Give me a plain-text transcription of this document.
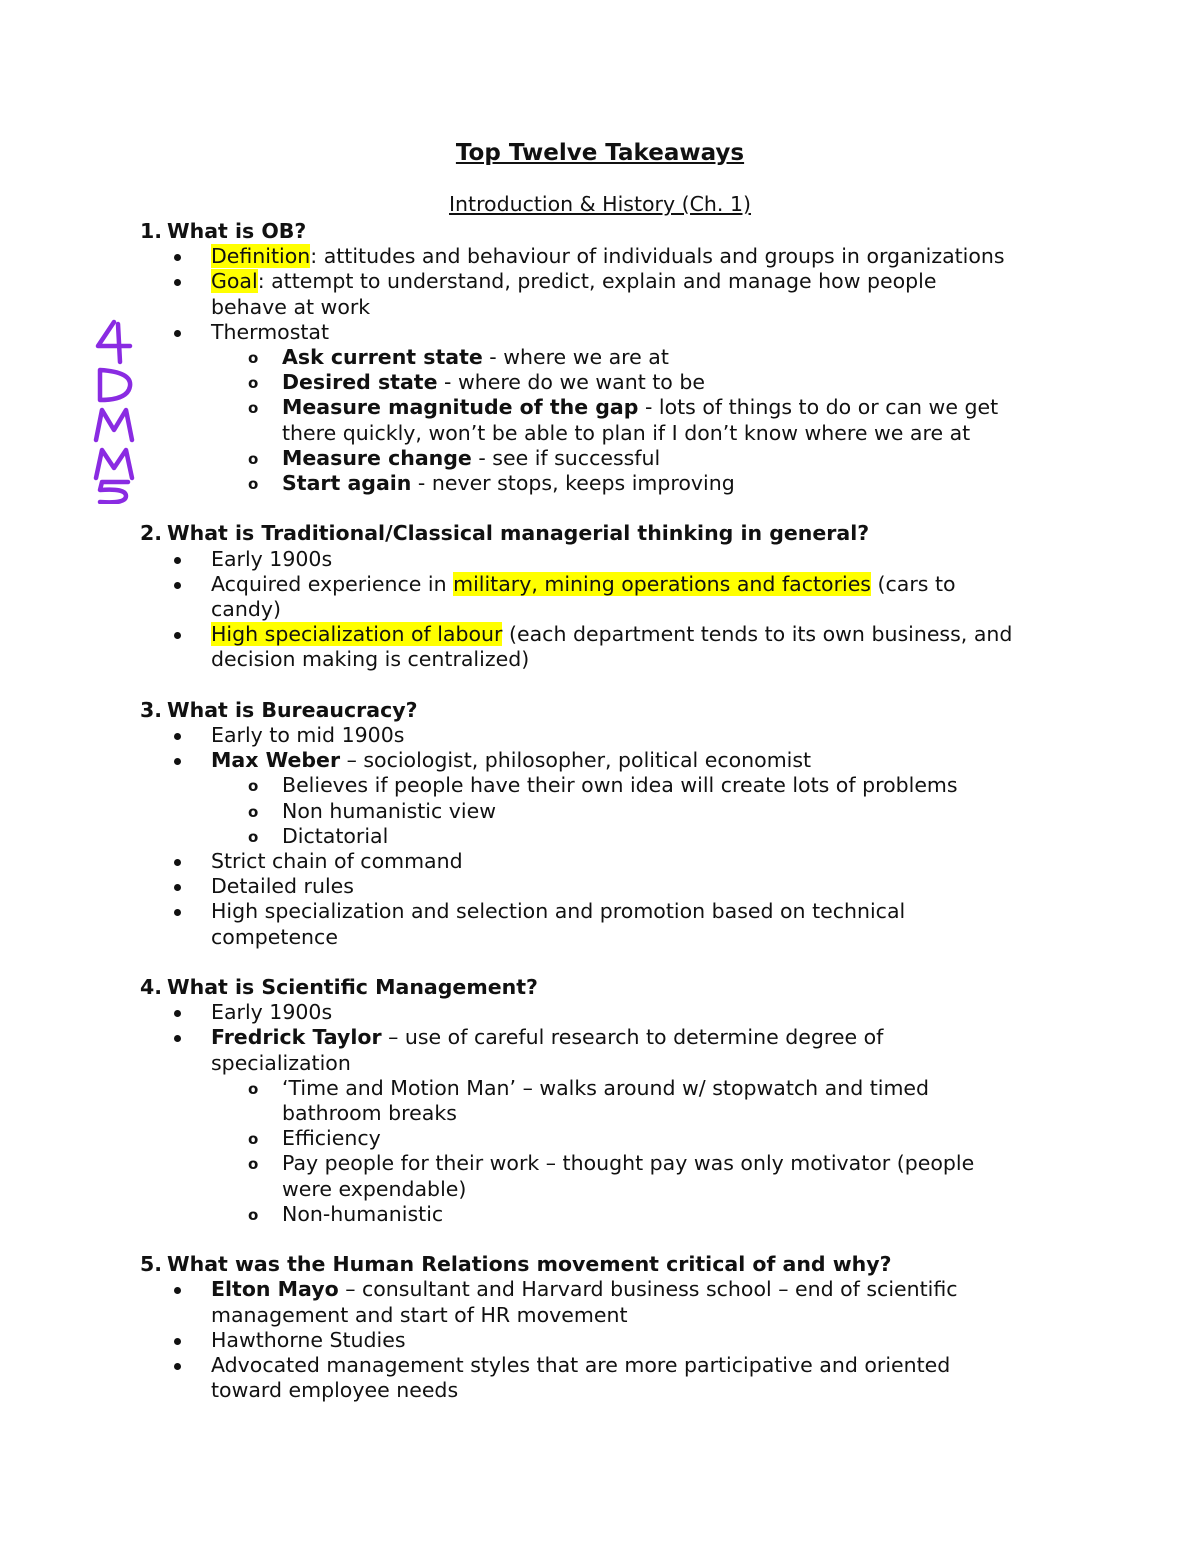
Top Twelve Takeaways
Introduction & History (Ch. 1)
1. What is OB?
Definition: attitudes and behaviour of individuals and groups in organizations
Goal: attempt to understand, predict, explain and manage how people
behave at work
Thermostat
o Ask current state - where we are at
o Desired state - where do we want to be
o Measure magnitude of the gap - lots of things to do or can we get
there quickly, won’t be able to plan if I don’t know where we are at
o Measure change - see if successful
o Start again - never stops, keeps improving
2. What is Traditional/Classical managerial thinking in general?
Early 1900s
Acquired experience in military, mining operations and factories (cars to
candy)
High specialization of labour (each department tends to its own business, and
decision making is centralized)
3. What is Bureaucracy?
Early to mid 1900s
Max Weber – sociologist, philosopher, political economist
o Believes if people have their own idea will create lots of problems
o Non humanistic view
o Dictatorial
Strict chain of command
Detailed rules
High specialization and selection and promotion based on technical
competence
4. What is Scientific Management?
Early 1900s
Fredrick Taylor – use of careful research to determine degree of
specialization
o ‘Time and Motion Man’ – walks around w/ stopwatch and timed
bathroom breaks
o Efficiency
o Pay people for their work – thought pay was only motivator (people
were expendable)
o Non-humanistic
5. What was the Human Relations movement critical of and why?
Elton Mayo – consultant and Harvard business school – end of scientific
management and start of HR movement
Hawthorne Studies
Advocated management styles that are more participative and oriented
toward employee needs
